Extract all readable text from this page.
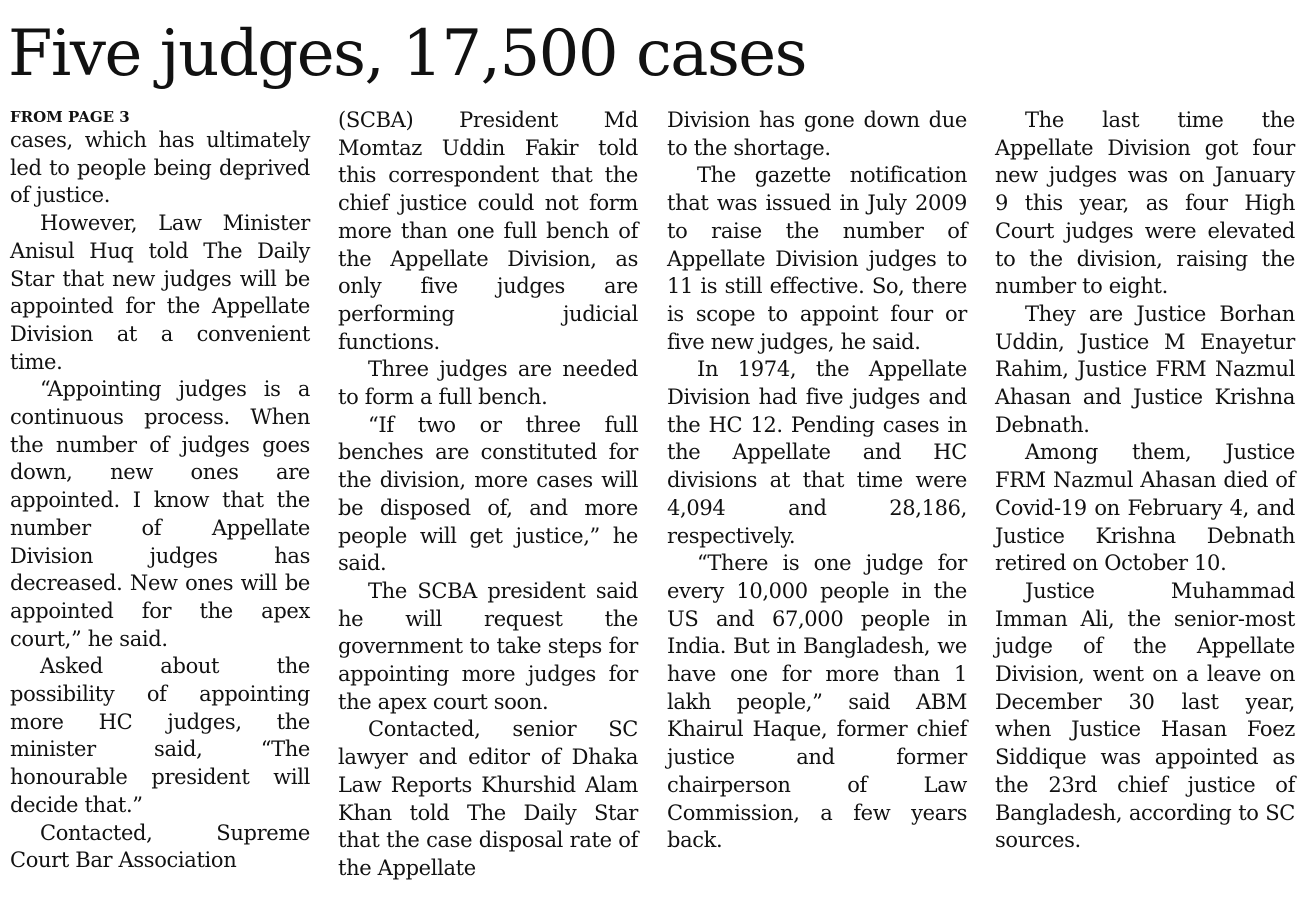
Five judges, 17,500 cases
FROM PAGE 3

cases, which has ultimately led to people being deprived of justice.

However, Law Minister Anisul Huq told The Daily Star that new judges will be appointed for the Appellate Division at a convenient time.

“Appointing judges is a continuous process. When the number of judges goes down, new ones are appointed. I know that the number of Appellate Division judges has decreased. New ones will be appointed for the apex court,” he said.

Asked about the possibility of appointing more HC judges, the minister said, “The honourable president will decide that.”

Contacted, Supreme Court Bar Association

(SCBA) President Md Momtaz Uddin Fakir told this correspondent that the chief justice could not form more than one full bench of the Appellate Division, as only five judges are performing judicial functions.

Three judges are needed to form a full bench.

“If two or three full benches are constituted for the division, more cases will be disposed of, and more people will get justice,” he said.

The SCBA president said he will request the government to take steps for appointing more judges for the apex court soon.

Contacted, senior SC lawyer and editor of Dhaka Law Reports Khurshid Alam Khan told The Daily Star that the case disposal rate of the Appellate

Division has gone down due to the shortage.

The gazette notification that was issued in July 2009 to raise the number of Appellate Division judges to 11 is still effective. So, there is scope to appoint four or five new judges, he said.

In 1974, the Appellate Division had five judges and the HC 12. Pending cases in the Appellate and HC divisions at that time were 4,094 and 28,186, respectively.

“There is one judge for every 10,000 people in the US and 67,000 people in India. But in Bangladesh, we have one for more than 1 lakh people,” said ABM Khairul Haque, former chief justice and former chairperson of Law Commission, a few years back.

The last time the Appellate Division got four new judges was on January 9 this year, as four High Court judges were elevated to the division, raising the number to eight.

They are Justice Borhan Uddin, Justice M Enayetur Rahim, Justice FRM Nazmul Ahasan and Justice Krishna Debnath.

Among them, Justice FRM Nazmul Ahasan died of Covid-19 on February 4, and Justice Krishna Debnath retired on October 10.

Justice Muhammad Imman Ali, the senior-most judge of the Appellate Division, went on a leave on December 30 last year, when Justice Hasan Foez Siddique was appointed as the 23rd chief justice of Bangladesh, according to SC sources.
